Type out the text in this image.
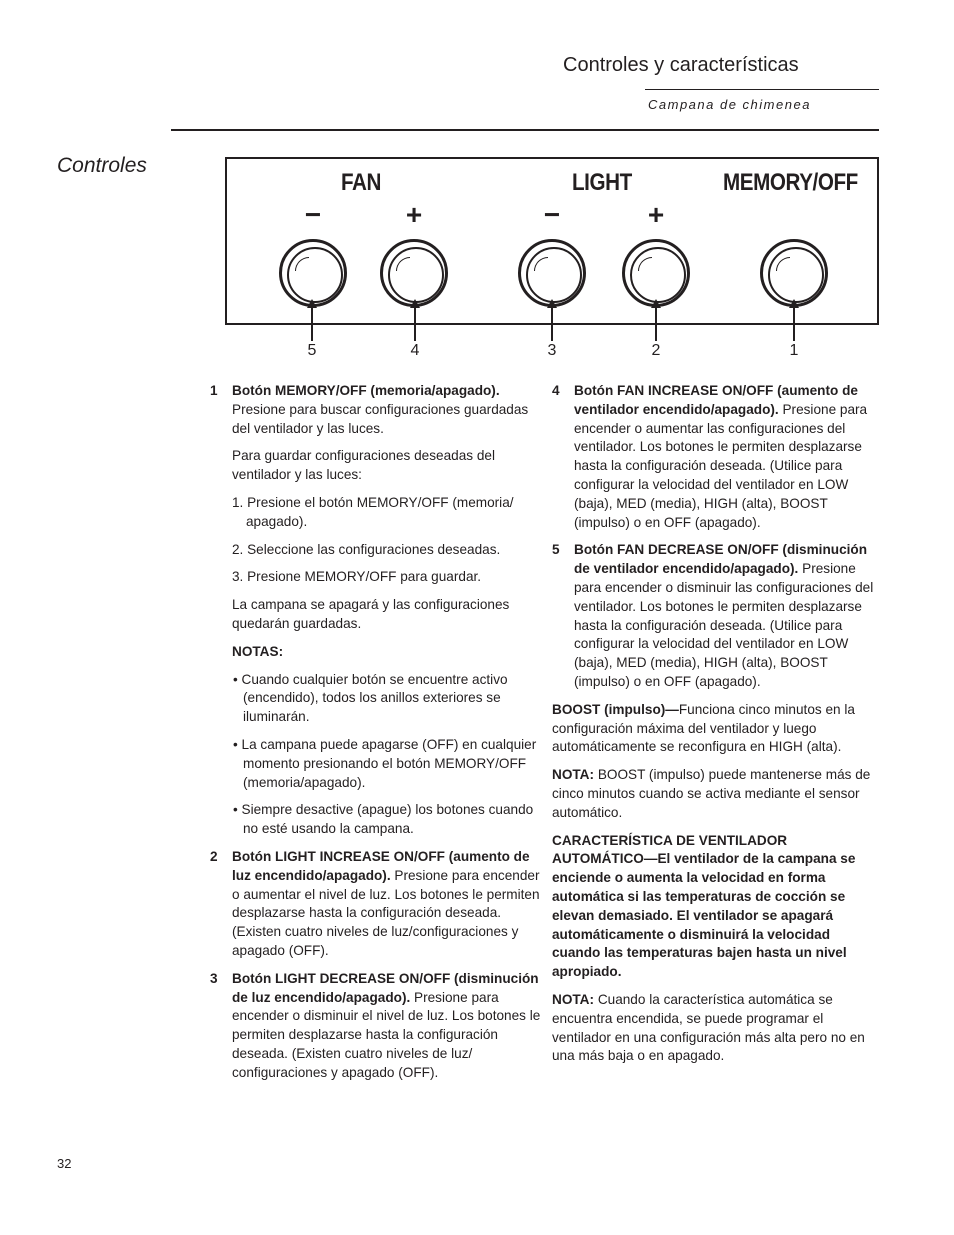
Controles y características
Campana de chimenea
Controles
FAN	LIGHT	MEMORY/OFF
−	+	−	+
5	4	3	2	1

1 Botón MEMORY/OFF (memoria/apagado). Presione para buscar configuraciones guardadas del ventilador y las luces.

Para guardar configuraciones deseadas del ventilador y las luces:

1. Presione el botón MEMORY/OFF (memoria/ apagado).

2. Seleccione las configuraciones deseadas.

3. Presione MEMORY/OFF para guardar.

La campana se apagará y las configuraciones quedarán guardadas.

NOTAS:

• Cuando cualquier botón se encuentre activo (encendido), todos los anillos exteriores se iluminarán.

• La campana puede apagarse (OFF) en cualquier momento presionando el botón MEMORY/OFF (memoria/apagado).

• Siempre desactive (apague) los botones cuando no esté usando la campana.

2 Botón LIGHT INCREASE ON/OFF (aumento de luz encendido/apagado). Presione para encender o aumentar el nivel de luz. Los botones le permiten desplazarse hasta la configuración deseada. (Existen cuatro niveles de luz/configuraciones y apagado (OFF).

3 Botón LIGHT DECREASE ON/OFF (disminución de luz encendido/apagado). Presione para encender o disminuir el nivel de luz. Los botones le permiten desplazarse hasta la configuración deseada. (Existen cuatro niveles de luz/ configuraciones y apagado (OFF).

4 Botón FAN INCREASE ON/OFF (aumento de ventilador encendido/apagado). Presione para encender o aumentar las configuraciones del ventilador. Los botones le permiten desplazarse hasta la configuración deseada. (Utilice para configurar la velocidad del ventilador en LOW (baja), MED (media), HIGH (alta), BOOST (impulso) o en OFF (apagado).

5 Botón FAN DECREASE ON/OFF (disminución de ventilador encendido/apagado). Presione para encender o disminuir las configuraciones del ventilador. Los botones le permiten desplazarse hasta la configuración deseada. (Utilice para configurar la velocidad del ventilador en LOW (baja), MED (media), HIGH (alta), BOOST (impulso) o en OFF (apagado).

BOOST (impulso)—Funciona cinco minutos en la configuración máxima del ventilador y luego automáticamente se reconfigura en HIGH (alta).

NOTA: BOOST (impulso) puede mantenerse más de cinco minutos cuando se activa mediante el sensor automático.

CARACTERÍSTICA DE VENTILADOR AUTOMÁTICO—El ventilador de la campana se enciende o aumenta la velocidad en forma automática si las temperaturas de cocción se elevan demasiado. El ventilador se apagará automáticamente o disminuirá la velocidad cuando las temperaturas bajen hasta un nivel apropiado.

NOTA: Cuando la característica automática se encuentra encendida, se puede programar el ventilador en una configuración más alta pero no en una más baja o en apagado.

32
